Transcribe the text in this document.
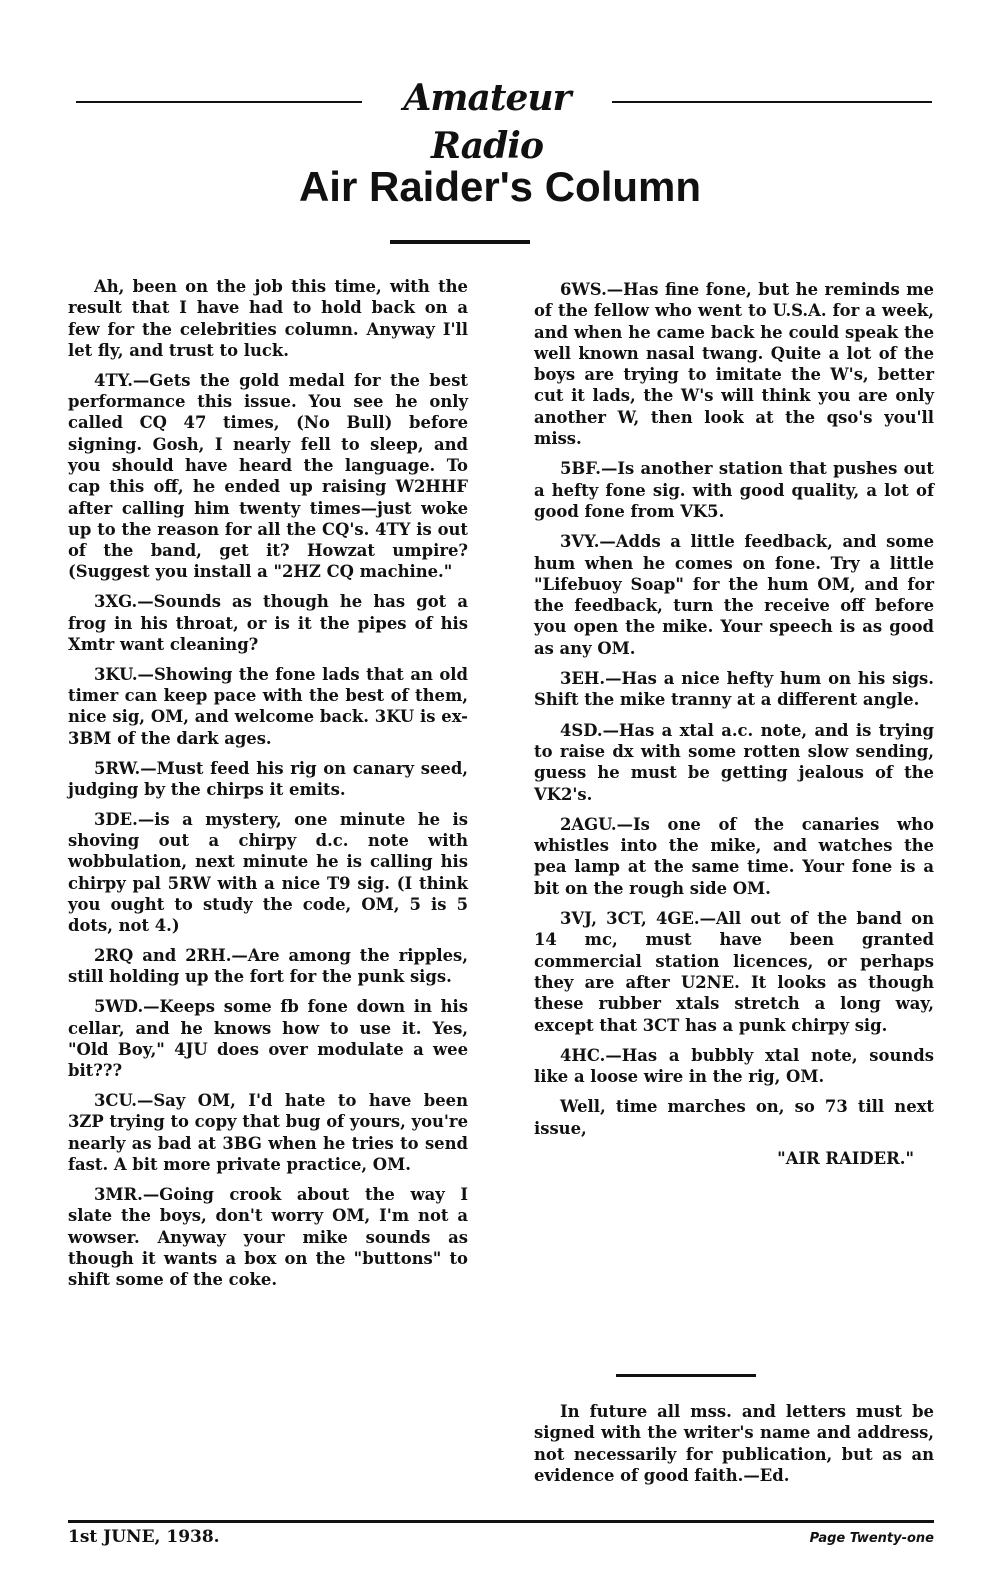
Amateur Radio
Air Raider's Column

Ah, been on the job this time, with the result that I have had to hold back on a few for the celebrities column. Anyway I'll let fly, and trust to luck.

4TY.—Gets the gold medal for the best performance this issue. You see he only called CQ 47 times, (No Bull) before signing. Gosh, I nearly fell to sleep, and you should have heard the language. To cap this off, he ended up raising W2HHF after calling him twenty times—just woke up to the reason for all the CQ's. 4TY is out of the band, get it? Howzat umpire? (Suggest you install a "2HZ CQ machine."

3XG.—Sounds as though he has got a frog in his throat, or is it the pipes of his Xmtr want cleaning?

3KU.—Showing the fone lads that an old timer can keep pace with the best of them, nice sig, OM, and welcome back. 3KU is ex-3BM of the dark ages.

5RW.—Must feed his rig on canary seed, judging by the chirps it emits.

3DE.—is a mystery, one minute he is shoving out a chirpy d.c. note with wobbulation, next minute he is calling his chirpy pal 5RW with a nice T9 sig. (I think you ought to study the code, OM, 5 is 5 dots, not 4.)

2RQ and 2RH.—Are among the ripples, still holding up the fort for the punk sigs.

5WD.—Keeps some fb fone down in his cellar, and he knows how to use it. Yes, "Old Boy," 4JU does over modulate a wee bit???

3CU.—Say OM, I'd hate to have been 3ZP trying to copy that bug of yours, you're nearly as bad at 3BG when he tries to send fast. A bit more private practice, OM.

3MR.—Going crook about the way I slate the boys, don't worry OM, I'm not a wowser. Anyway your mike sounds as though it wants a box on the "buttons" to shift some of the coke.

6WS.—Has fine fone, but he reminds me of the fellow who went to U.S.A. for a week, and when he came back he could speak the well known nasal twang. Quite a lot of the boys are trying to imitate the W's, better cut it lads, the W's will think you are only another W, then look at the qso's you'll miss.

5BF.—Is another station that pushes out a hefty fone sig. with good quality, a lot of good fone from VK5.

3VY.—Adds a little feedback, and some hum when he comes on fone. Try a little "Lifebuoy Soap" for the hum OM, and for the feedback, turn the receive off before you open the mike. Your speech is as good as any OM.

3EH.—Has a nice hefty hum on his sigs. Shift the mike tranny at a different angle.

4SD.—Has a xtal a.c. note, and is trying to raise dx with some rotten slow sending, guess he must be getting jealous of the VK2's.

2AGU.—Is one of the canaries who whistles into the mike, and watches the pea lamp at the same time. Your fone is a bit on the rough side OM.

3VJ, 3CT, 4GE.—All out of the band on 14 mc, must have been granted commercial station licences, or perhaps they are after U2NE. It looks as though these rubber xtals stretch a long way, except that 3CT has a punk chirpy sig.

4HC.—Has a bubbly xtal note, sounds like a loose wire in the rig, OM.

Well, time marches on, so 73 till next issue,

"AIR RAIDER."

In future all mss. and letters must be signed with the writer's name and address, not necessarily for publication, but as an evidence of good faith.—Ed.

1st JUNE, 1938.	Page Twenty-one
